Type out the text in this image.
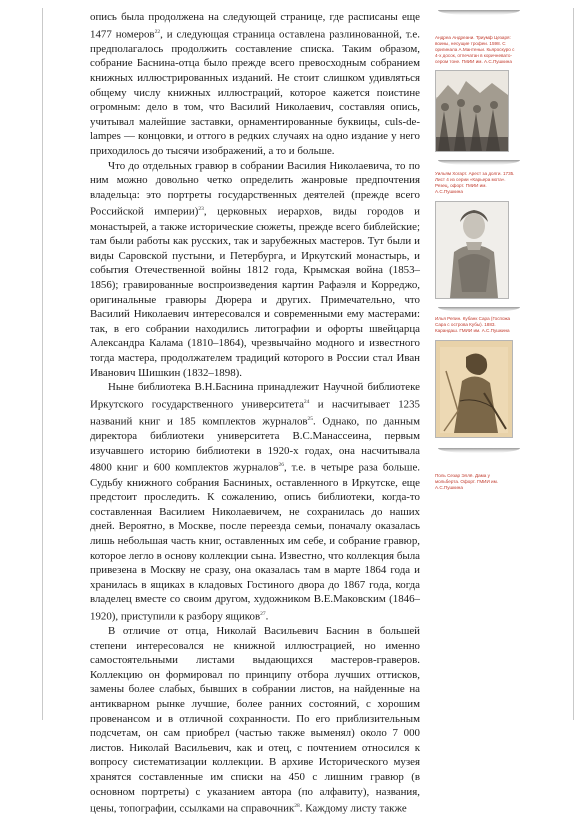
опись была продолжена на следующей странице, где расписаны еще 1477 номеров$^{22}$, и следующая страница оставлена разлинованной, т.е. предполагалось продолжить составление списка. Таким образом, собрание Баснина-отца было прежде всего превосходным собранием книжных иллюстрированных изданий. Не стоит слишком удивляться общему числу книжных иллюстраций, которое кажется поистине огромным: дело в том, что Василий Николаевич, составляя опись, учитывал малейшие заставки, орнаментированные буквицы, culs-de-lampes — концовки, и оттого в редких случаях на одно издание у него приходилось до тысячи изображений, а то и больше.

Что до отдельных гравюр в собрании Василия Николаевича, то по ним можно довольно четко определить жанровые предпочтения владельца: это портреты государственных деятелей (прежде всего Российской империи)$^{23}$, церковных иерархов, виды городов и монастырей, а также исторические сюжеты, прежде всего библейские; там были работы как русских, так и зарубежных мастеров. Тут были и виды Саровской пустыни, и Петербурга, и Иркутский монастырь, и события Отечественной войны 1812 года, Крымская война (1853–1856); гравированные воспроизведения картин Рафаэля и Корреджо, оригинальные гравюры Дюрера и других. Примечательно, что Василий Николаевич интересовался и современными ему мастерами: так, в его собрании находились литографии и офорты швейцарца Александра Калама (1810–1864), чрезвычайно модного и известного тогда мастера, продолжателем традиций которого в России стал Иван Иванович Шишкин (1832–1898).

Ныне библиотека В.Н.Баснина принадлежит Научной библиотеке Иркутского государственного университета$^{24}$ и насчитывает 1235 названий книг и 185 комплектов журналов$^{25}$. Однако, по данным директора библиотеки университета В.С.Манассеина, первым изучавшего историю библиотеки в 1920-х годах, она насчитывала 4800 книг и 600 комплектов журналов$^{26}$, т.е. в четыре раза больше. Судьбу книжного собрания Басниных, оставленного в Иркутске, еще предстоит проследить. К сожалению, опись библиотеки, когда-то составленная Василием Николаевичем, не сохранилась до наших дней. Вероятно, в Москве, после переезда семьи, поначалу оказалась лишь небольшая часть книг, оставленных им себе, и собрание гравюр, которое легло в основу коллекции сына. Известно, что коллекция была привезена в Москву не сразу, она оказалась там в марте 1864 года и хранилась в ящиках в кладовых Гостиного двора до 1867 года, когда владелец вместе со своим другом, художником В.Е.Маковским (1846–1920), приступили к разбору ящиков$^{27}$.

В отличие от отца, Николай Васильевич Баснин в большей степени интересовался не книжной иллюстрацией, но именно самостоятельными листами выдающихся мастеров-граверов. Коллекцию он формировал по принципу отбора лучших оттисков, замены более слабых, бывших в собрании листов, на найденные на антикварном рынке лучшие, более ранних состояний, с хорошим провенансом и в отличной сохранности. По его приблизительным подсчетам, он сам приобрел (частью также выменял) около 7 000 листов. Николай Васильевич, как и отец, с почтением относился к вопросу систематизации коллекции. В архиве Исторического музея хранятся составленные им списки на 450 с лишним гравюр (в основном портреты) с указанием автора (по алфавиту), названия, цены, топографии, ссылками на справочник$^{28}$. Каждому листу также

Андреа Андреани. Триумф Цезаря: воины, несущие трофеи. 1598. С оригинала А.Мантеньи. Кьяроскуро с 4-х досок, отпечатан в коричневато-сером тоне. ГМИИ им. А.С.Пушкина
Уильям Хогарт. Арест за долги. 1735. Лист 4 из серии «Карьера мота». Резец, офорт. ГМИИ им. А.С.Пушкина
Илья Репин. Кубанк Сара (Госпожа Сара с острова Кубы). 1883. Карандаш. ГМИИ им. А.С.Пушкина
Поль Сезар Эллё. Дама у мольберта. Офорт. ГМИИ им. А.С.Пушкина
